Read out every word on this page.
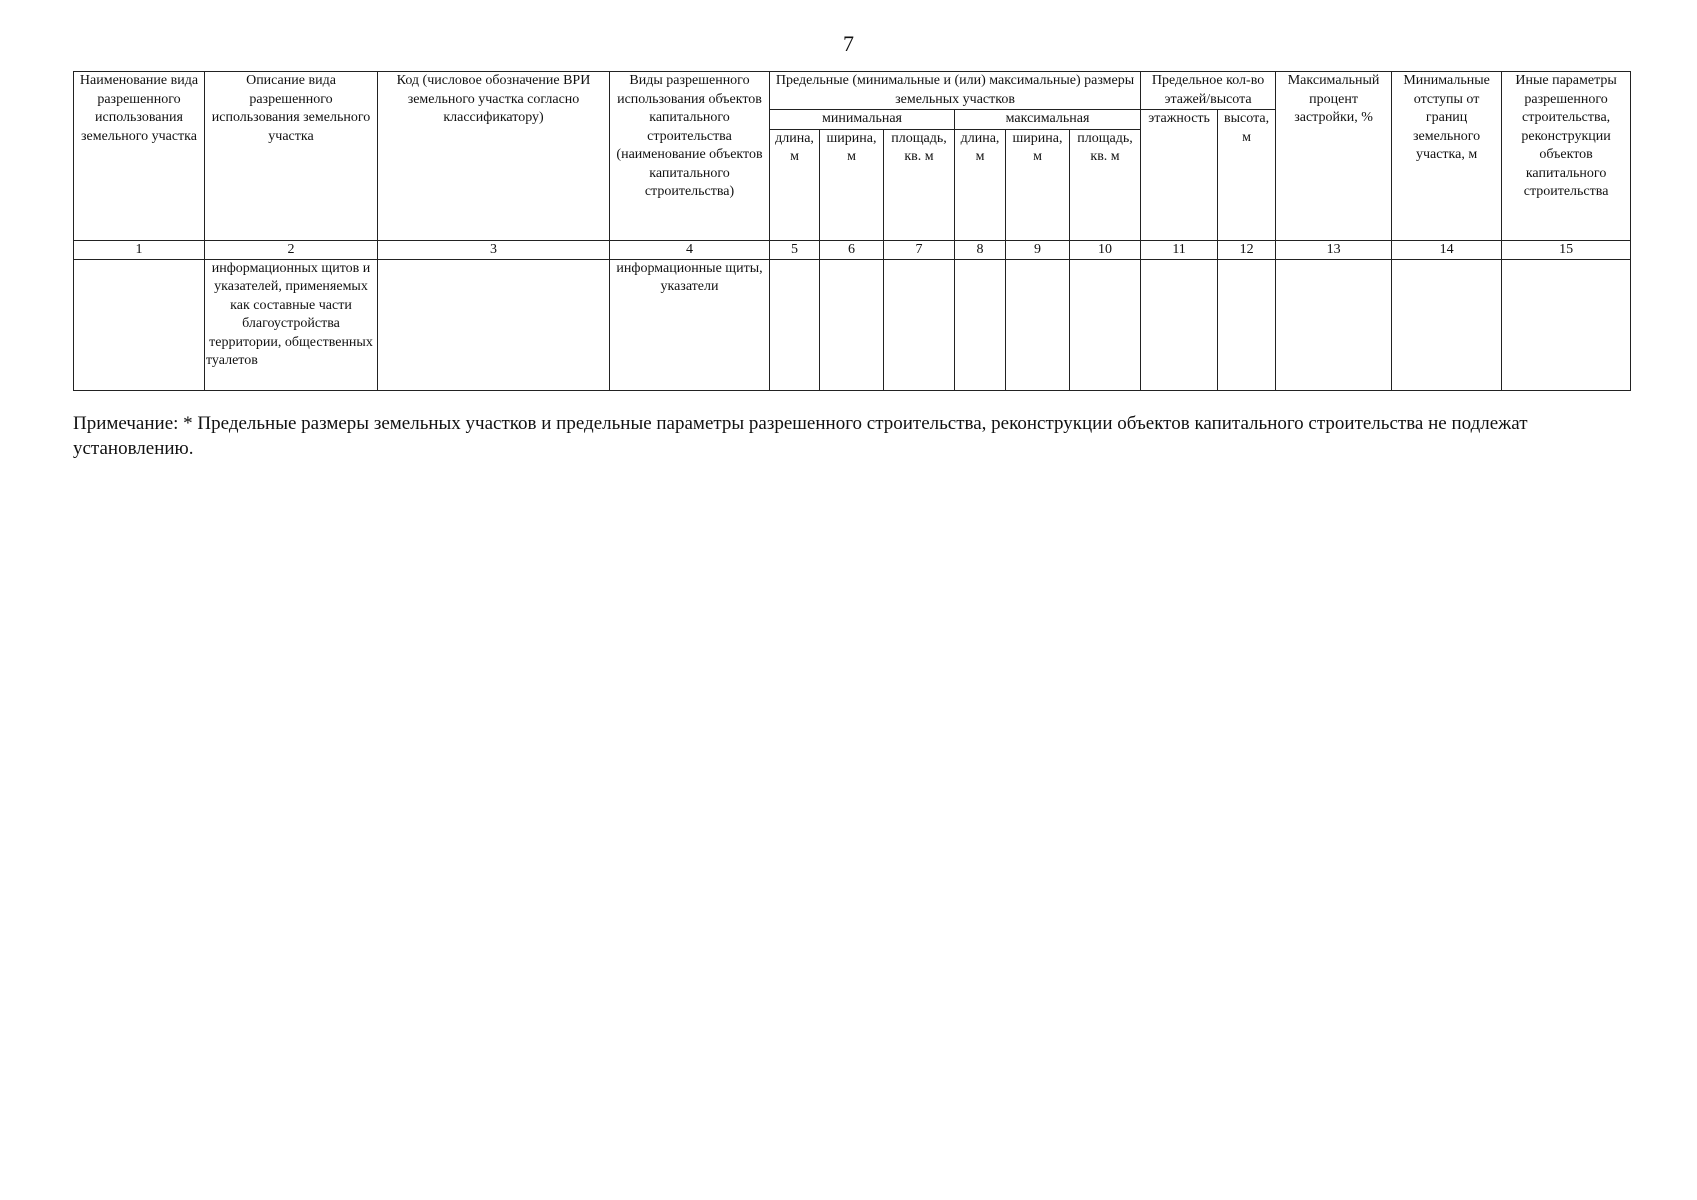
7
Наименование вида разрешенного использования земельного участка	Описание вида разрешенного использования земельного участка	Код (числовое обозначение ВРИ земельного участка согласно классификатору)	Виды разрешенного использования объектов капитального строительства (наименование объектов капитального строительства)	Предельные (минимальные и (или) максимальные) размеры земельных участков						Предельное кол-во этажей/высота		Максимальный процент застройки, %	Минимальные отступы от границ земельного участка, м	Иные параметры разрешенного строительства, реконструкции объектов капитального строительства
				минимальная			максимальная			этажность	высота, м			
				длина, м	ширина, м	площадь, кв. м	длина, м	ширина, м	площадь, кв. м					
1	2	3	4	5	6	7	8	9	10	11	12	13	14	15
	информационных щитов и указателей, применяемых как составные части благоустройства территории, общественных туалетов		информационные щиты, указатели											
Примечание: * Предельные размеры земельных участков и предельные параметры разрешенного строительства, реконструкции объектов капитального строительства не подлежат установлению.
